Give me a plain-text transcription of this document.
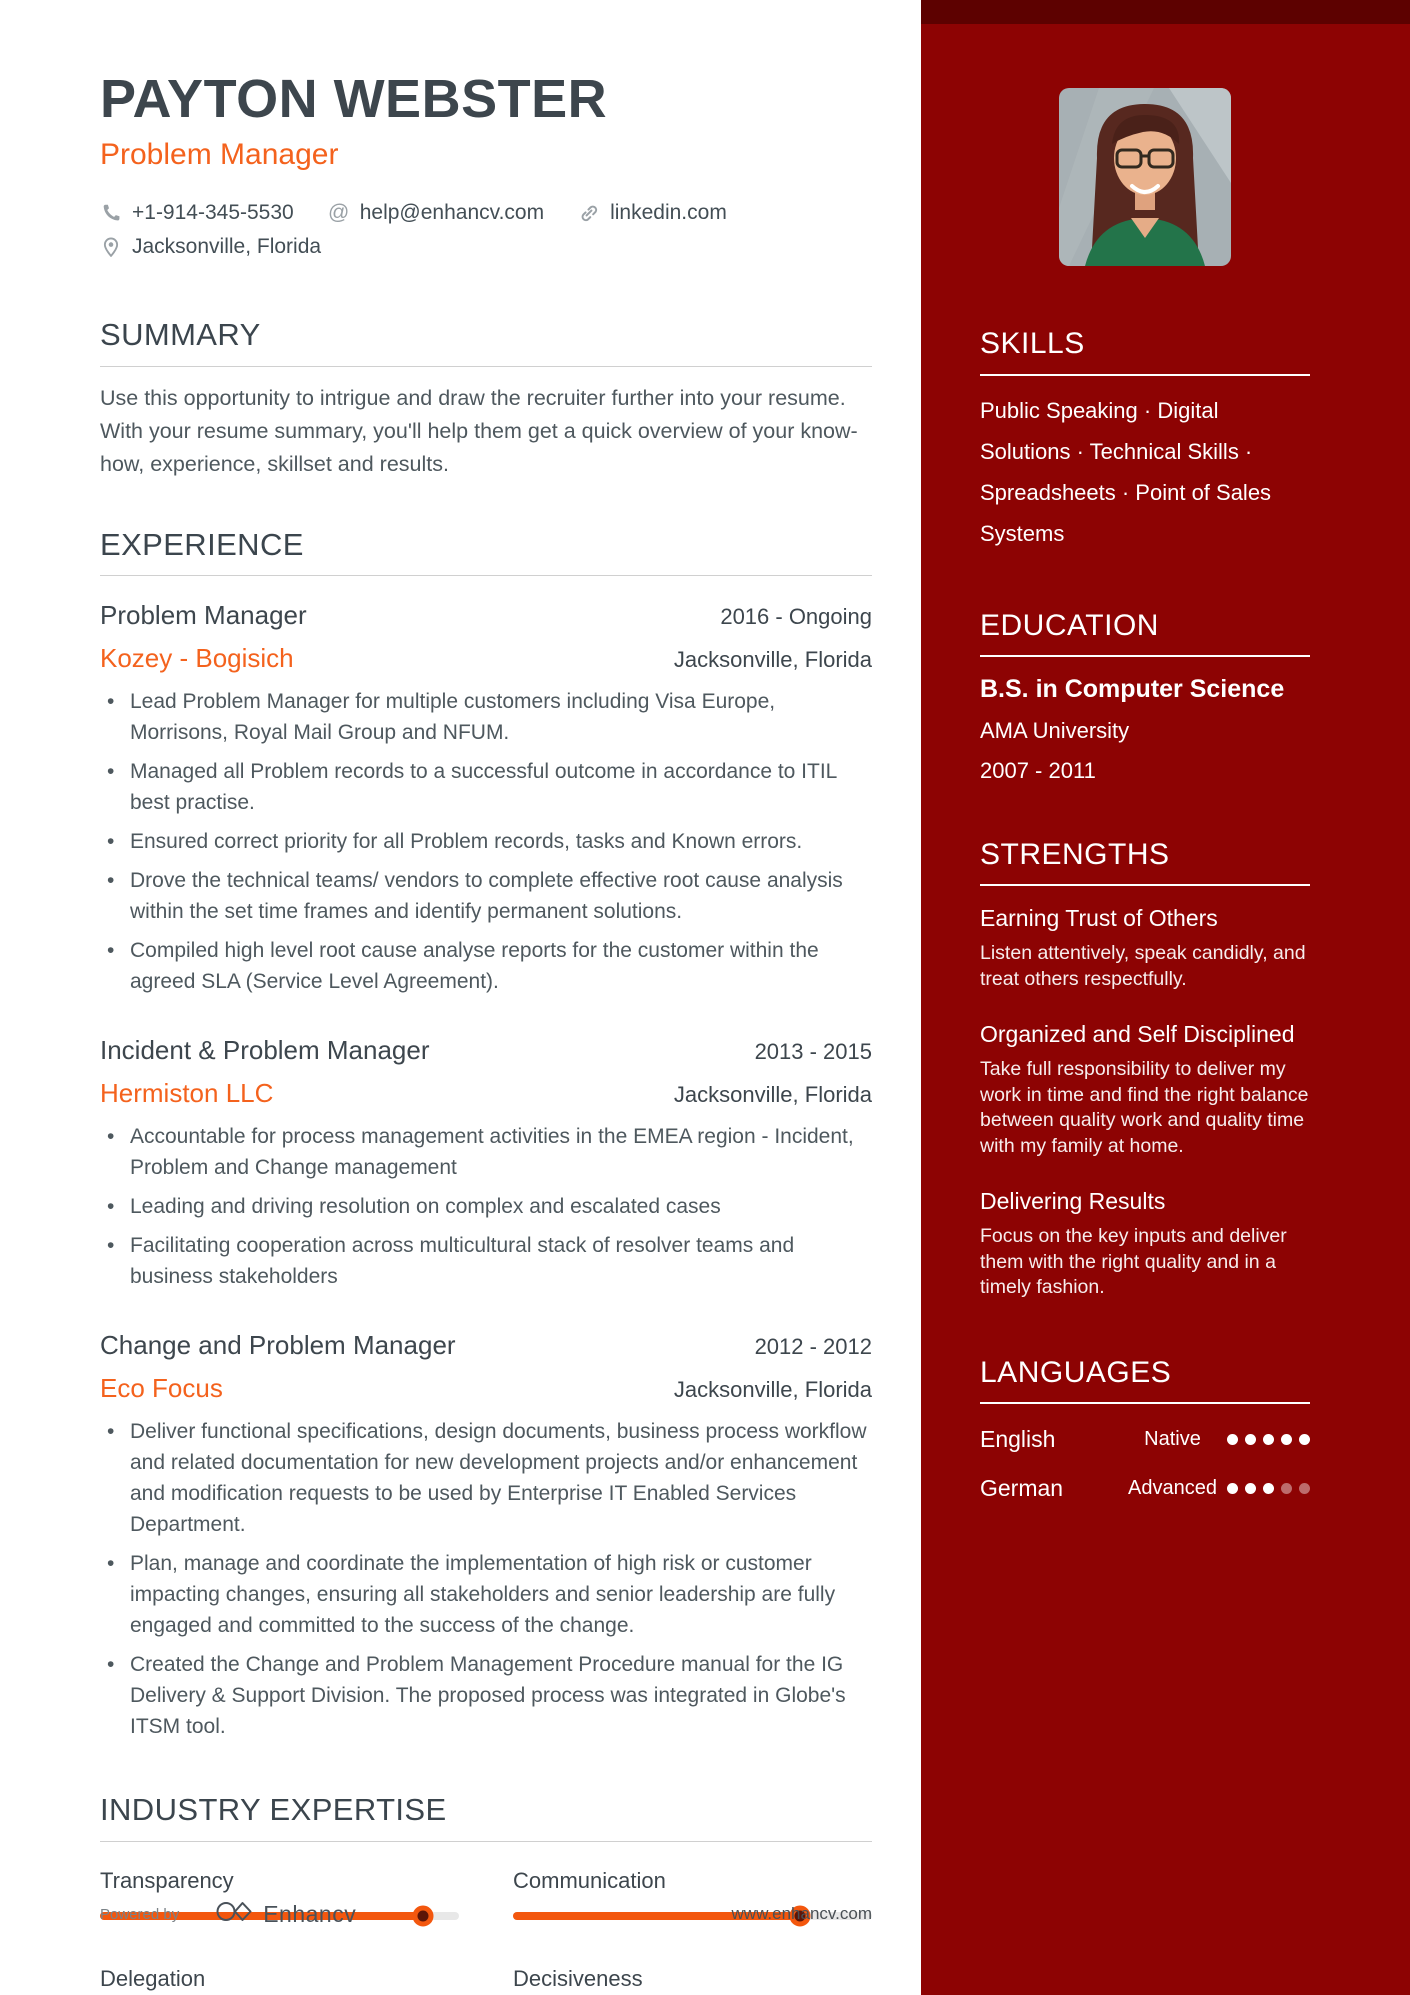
PAYTON WEBSTER
Problem Manager
+1-914-345-5530 @ help@enhancv.com	linkedin.com
Jacksonville, Florida
SUMMARY

Use this opportunity to intrigue and draw the recruiter further into your resume. With your resume summary, you'll help them get a quick overview of your know-how, experience, skillset and results.

EXPERIENCE
Problem Manager	2016 - Ongoing
Kozey - Bogisich	Jacksonville, Florida
• Lead Problem Manager for multiple customers including Visa Europe, Morrisons, Royal Mail Group and NFUM.
• Managed all Problem records to a successful outcome in accordance to ITIL best practise.
• Ensured correct priority for all Problem records, tasks and Known errors.
• Drove the technical teams/ vendors to complete effective root cause analysis within the set time frames and identify permanent solutions.
• Compiled high level root cause analyse reports for the customer within the agreed SLA (Service Level Agreement).
Incident & Problem Manager	2013 - 2015
Hermiston LLC	Jacksonville, Florida
• Accountable for process management activities in the EMEA region - Incident, Problem and Change management
• Leading and driving resolution on complex and escalated cases
• Facilitating cooperation across multicultural stack of resolver teams and business stakeholders
Change and Problem Manager	2012 - 2012
Eco Focus	Jacksonville, Florida
• Deliver functional specifications, design documents, business process workflow and related documentation for new development projects and/or enhancement and modification requests to be used by Enterprise IT Enabled Services Department.
• Plan, manage and coordinate the implementation of high risk or customer impacting changes, ensuring all stakeholders and senior leadership are fully engaged and committed to the success of the change.
• Created the Change and Problem Management Procedure manual for the IG Delivery & Support Division. The proposed process was integrated in Globe's ITSM tool.
INDUSTRY EXPERTISE
Transparency	Communication
Delegation	Decisiveness
Powered by	Enhancv	www.enhancv.com
SKILLS
Public Speaking · Digital Solutions · Technical Skills · Spreadsheets · Point of Sales Systems
EDUCATION
B.S. in Computer Science
AMA University
2007 - 2011
STRENGTHS
Earning Trust of Others
Listen attentively, speak candidly, and treat others respectfully.
Organized and Self Disciplined
Take full responsibility to deliver my work in time and find the right balance between quality work and quality time with my family at home.
Delivering Results
Focus on the key inputs and deliver them with the right quality and in a timely fashion.
LANGUAGES
English	Native
German	Advanced
